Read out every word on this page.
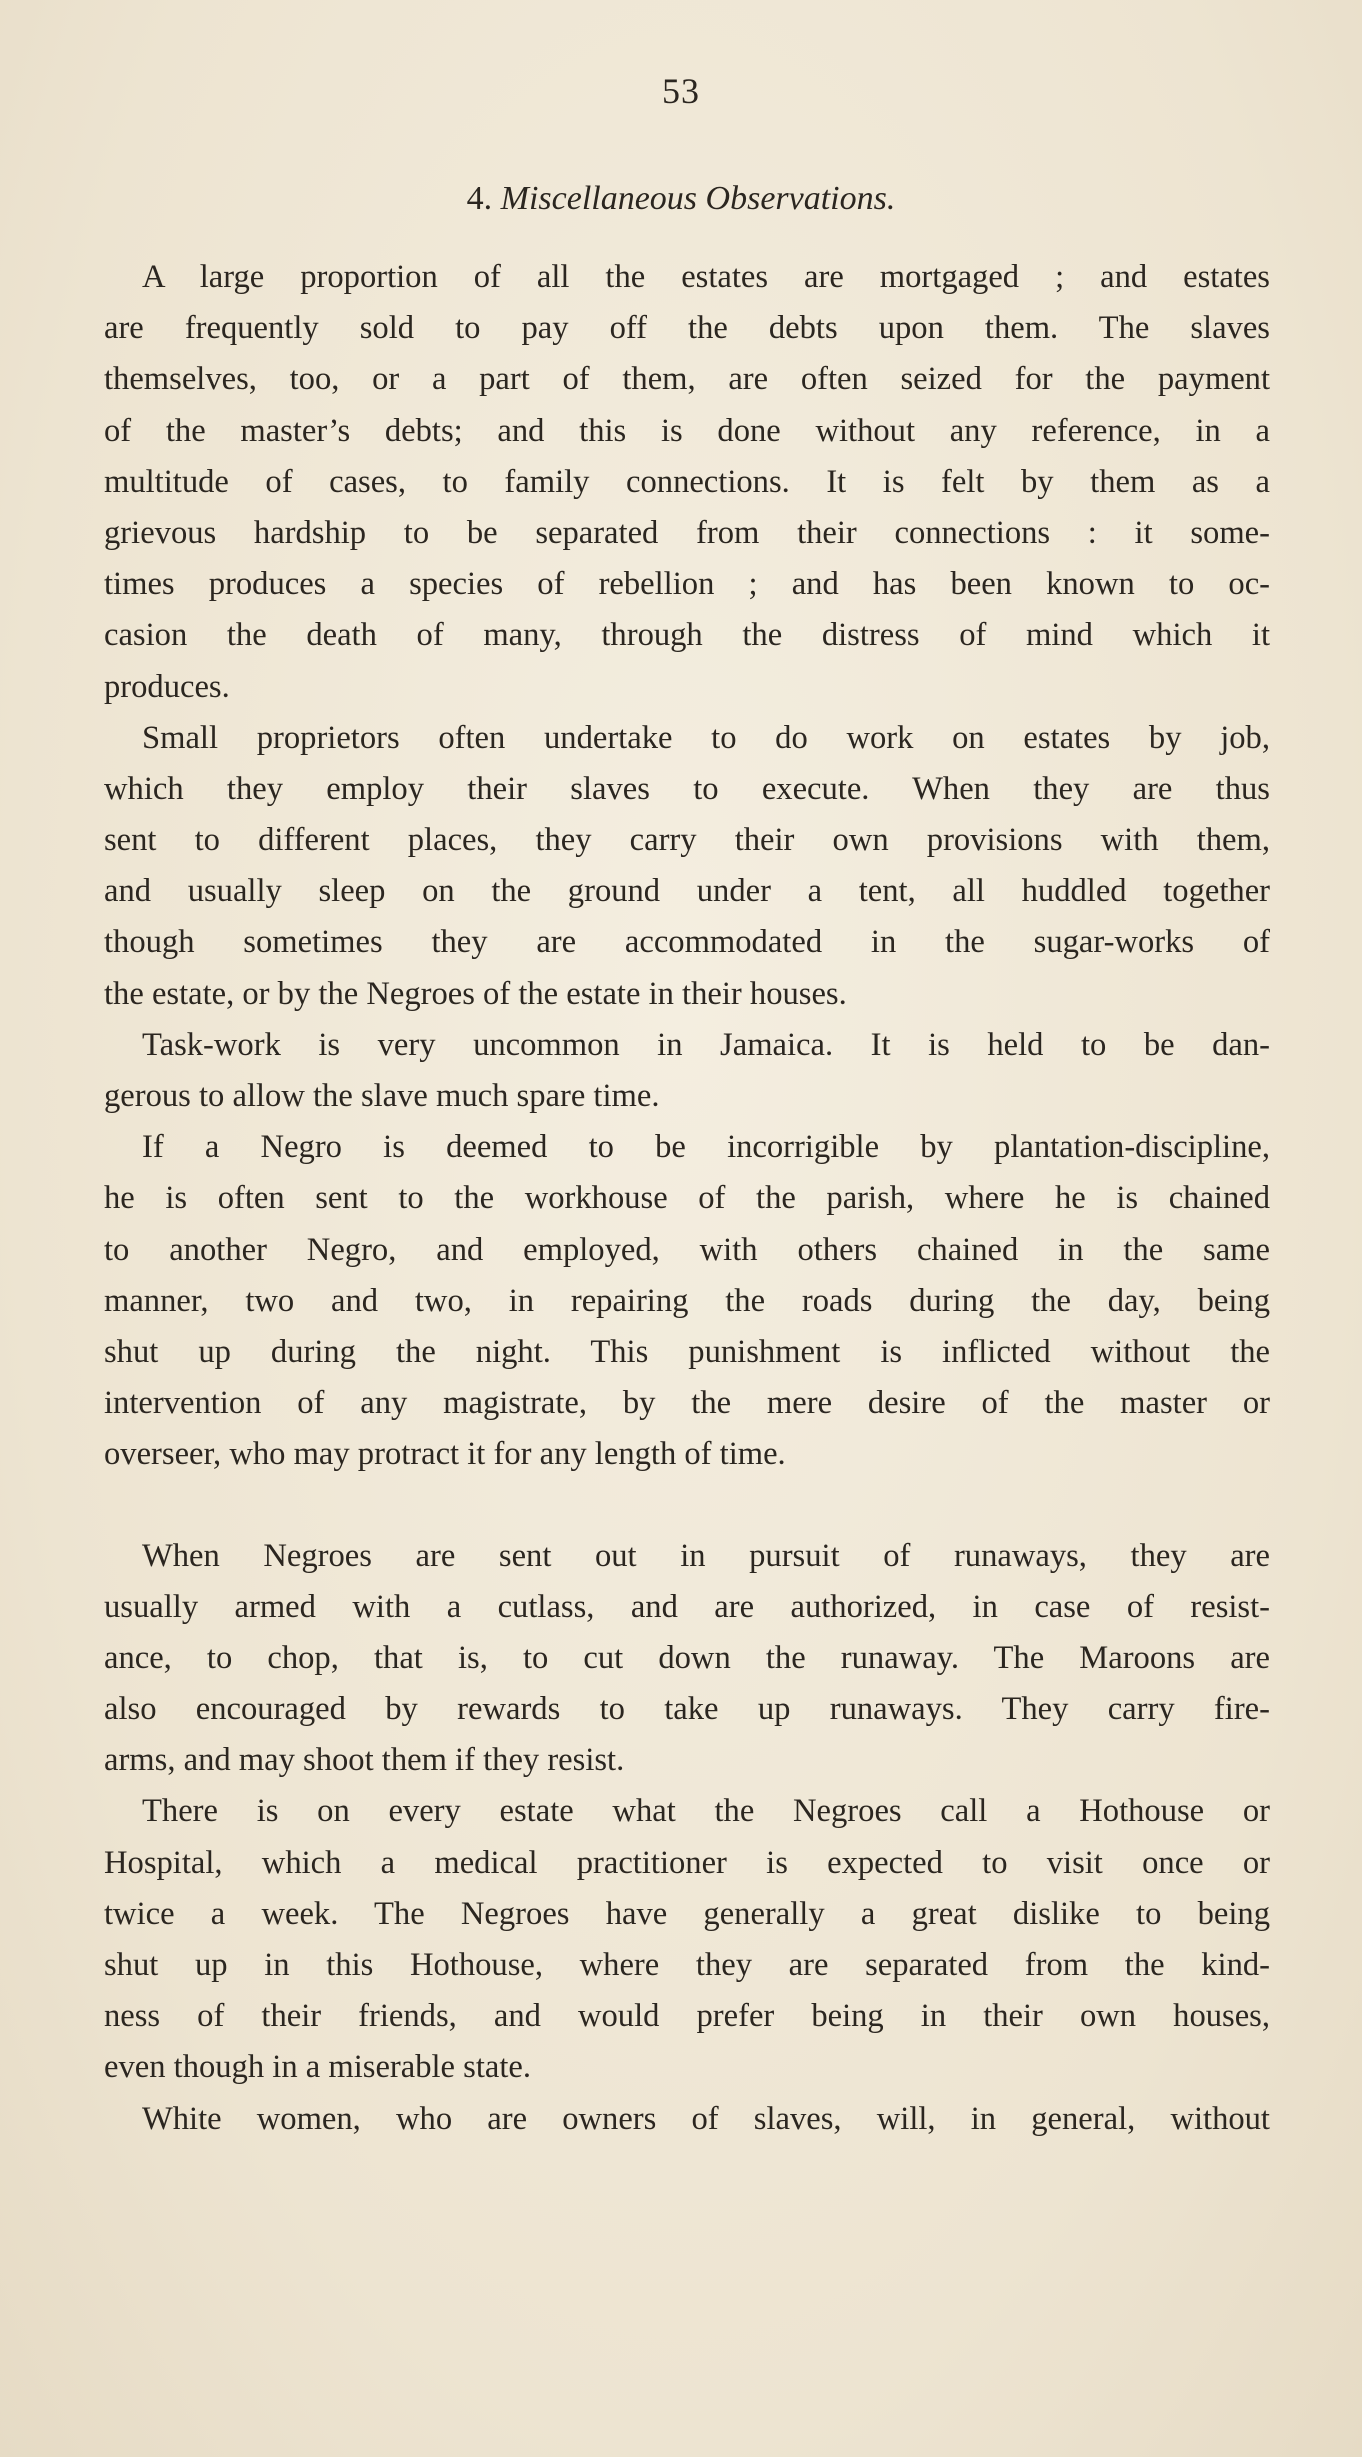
53
4. Miscellaneous Observations.
A large proportion of all the estates are mortgaged ; and estates
are frequently sold to pay off the debts upon them. The slaves
themselves, too, or a part of them, are often seized for the payment
of the master’s debts; and this is done without any reference, in a
multitude of cases, to family connections. It is felt by them as a
grievous hardship to be separated from their connections : it some-
times produces a species of rebellion ; and has been known to oc-
casion the death of many, through the distress of mind which it
produces.
Small proprietors often undertake to do work on estates by job,
which they employ their slaves to execute. When they are thus
sent to different places, they carry their own provisions with them,
and usually sleep on the ground under a tent, all huddled together
though sometimes they are accommodated in the sugar-works of
the estate, or by the Negroes of the estate in their houses.
Task-work is very uncommon in Jamaica. It is held to be dan-
gerous to allow the slave much spare time.
If a Negro is deemed to be incorrigible by plantation-discipline,
he is often sent to the workhouse of the parish, where he is chained
to another Negro, and employed, with others chained in the same
manner, two and two, in repairing the roads during the day, being
shut up during the night. This punishment is inflicted without the
intervention of any magistrate, by the mere desire of the master or
overseer, who may protract it for any length of time.
When Negroes are sent out in pursuit of runaways, they are
usually armed with a cutlass, and are authorized, in case of resist-
ance, to chop, that is, to cut down the runaway. The Maroons are
also encouraged by rewards to take up runaways. They carry fire-
arms, and may shoot them if they resist.
There is on every estate what the Negroes call a Hothouse or
Hospital, which a medical practitioner is expected to visit once or
twice a week. The Negroes have generally a great dislike to being
shut up in this Hothouse, where they are separated from the kind-
ness of their friends, and would prefer being in their own houses,
even though in a miserable state.
White women, who are owners of slaves, will, in general, without
